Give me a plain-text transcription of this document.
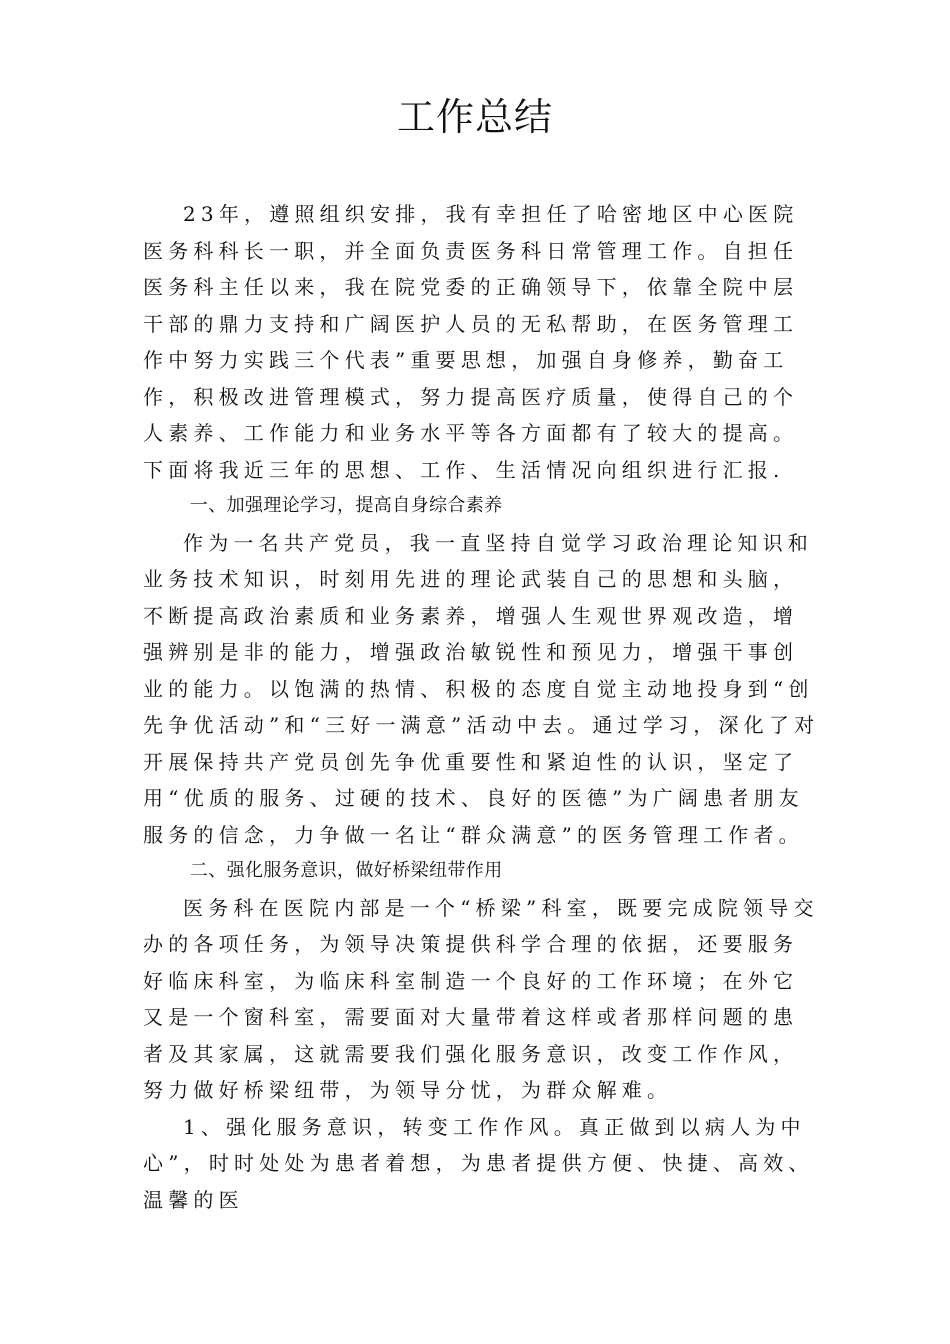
工作总结

23年，遵照组织安排，我有幸担任了哈密地区中心医院医务科科长一职，并全面负责医务科日常管理工作。自担任医务科主任以来，我在院党委的正确领导下，依靠全院中层干部的鼎力支持和广阔医护人员的无私帮助，在医务管理工作中努力实践三个代表”重要思想，加强自身修养，勤奋工作，积极改进管理模式，努力提高医疗质量，使得自己的个人素养、工作能力和业务水平等各方面都有了较大的提高。下面将我近三年的思想、工作、生活情况向组织进行汇报.

一、加强理论学习，提高自身综合素养

作为一名共产党员，我一直坚持自觉学习政治理论知识和业务技术知识，时刻用先进的理论武装自己的思想和头脑，不断提高政治素质和业务素养，增强人生观世界观改造，增强辨别是非的能力，增强政治敏锐性和预见力，增强干事创业的能力。以饱满的热情、积极的态度自觉主动地投身到“创先争优活动”和“三好一满意”活动中去。通过学习，深化了对开展保持共产党员创先争优重要性和紧迫性的认识，坚定了用“优质的服务、过硬的技术、良好的医德”为广阔患者朋友服务的信念，力争做一名让“群众满意”的医务管理工作者。

二、强化服务意识，做好桥梁纽带作用

医务科在医院内部是一个“桥梁”科室，既要完成院领导交办的各项任务，为领导决策提供科学合理的依据，还要服务好临床科室，为临床科室制造一个良好的工作环境；在外它又是一个窗科室，需要面对大量带着这样或者那样问题的患者及其家属，这就需要我们强化服务意识，改变工作作风，努力做好桥梁纽带，为领导分忧，为群众解难。

1、强化服务意识，转变工作作风。真正做到以病人为中心”，时时处处为患者着想，为患者提供方便、快捷、高效、温馨的医
